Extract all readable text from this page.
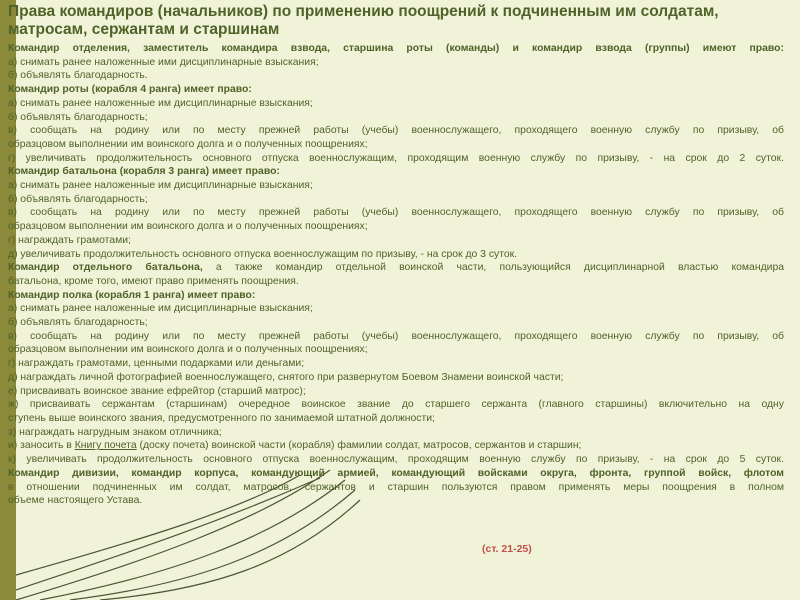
Права командиров (начальников) по применению поощрений к подчиненным им солдатам, матросам, сержантам и старшинам
Командир отделения, заместитель командира взвода, старшина роты (команды) и командир взвода (группы) имеют право:
а) снимать ранее наложенные ими дисциплинарные взыскания;
б) объявлять благодарность.
Командир роты (корабля 4 ранга) имеет право:
а) снимать ранее наложенные им дисциплинарные взыскания;
б) объявлять благодарность;
в) сообщать на родину или по месту прежней работы (учебы) военнослужащего, проходящего военную службу по призыву, об
образцовом выполнении им воинского долга и о полученных поощрениях;
г) увеличивать продолжительность основного отпуска военнослужащим, проходящим военную службу по призыву, - на срок до 2 суток.
Командир батальона (корабля 3 ранга) имеет право:
а) снимать ранее наложенные им дисциплинарные взыскания;
б) объявлять благодарность;
в) сообщать на родину или по месту прежней работы (учебы) военнослужащего, проходящего военную службу по призыву, об
образцовом выполнении им воинского долга и о полученных поощрениях;
г) награждать грамотами;
д) увеличивать продолжительность основного отпуска военнослужащим по призыву, - на срок до 3 суток.
Командир отдельного батальона, а также командир отдельной воинской части, пользующийся дисциплинарной властью командира
батальона, кроме того, имеют право применять поощрения.
Командир полка (корабля 1 ранга) имеет право:
а) снимать ранее наложенные им дисциплинарные взыскания;
б) объявлять благодарность;
в) сообщать на родину или по месту прежней работы (учебы) военнослужащего, проходящего военную службу по призыву, об
образцовом выполнении им воинского долга и о полученных поощрениях;
г) награждать грамотами, ценными подарками или деньгами;
д) награждать личной фотографией военнослужащего, снятого при развернутом Боевом Знамени воинской части;
е) присваивать воинское звание ефрейтор (старший матрос);
ж) присваивать сержантам (старшинам) очередное воинское звание до старшего сержанта (главного старшины) включительно на одну
ступень выше воинского звания, предусмотренного по занимаемой штатной должности;
з) награждать нагрудным знаком отличника;
и) заносить в Книгу почета (доску почета) воинской части (корабля) фамилии солдат, матросов, сержантов и старшин;
к) увеличивать продолжительность основного отпуска военнослужащим, проходящим военную службу по призыву, - на срок до 5 суток.
Командир дивизии, командир корпуса, командующий армией, командующий войсками округа, фронта, группой войск, флотом
в отношении подчиненных им солдат, матросов, сержантов и старшин пользуются правом применять меры поощрения в полном
объеме настоящего Устава.
(ст. 21-25)
